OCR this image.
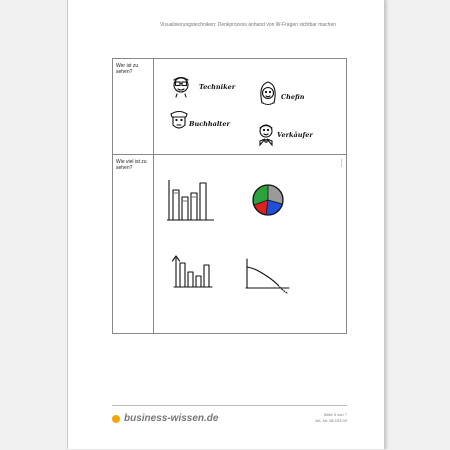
Visualisierungstechniken: Denkprozess anhand von W-Fragen sichtbar machen
Wer ist zu sehen?
Techniker
Chefin
Buchhalter
Verkäufer
Wie viel ist zu sehen?
business-wissen.de	Seite 3 von 7
Art.-Nr. 98.153.03
